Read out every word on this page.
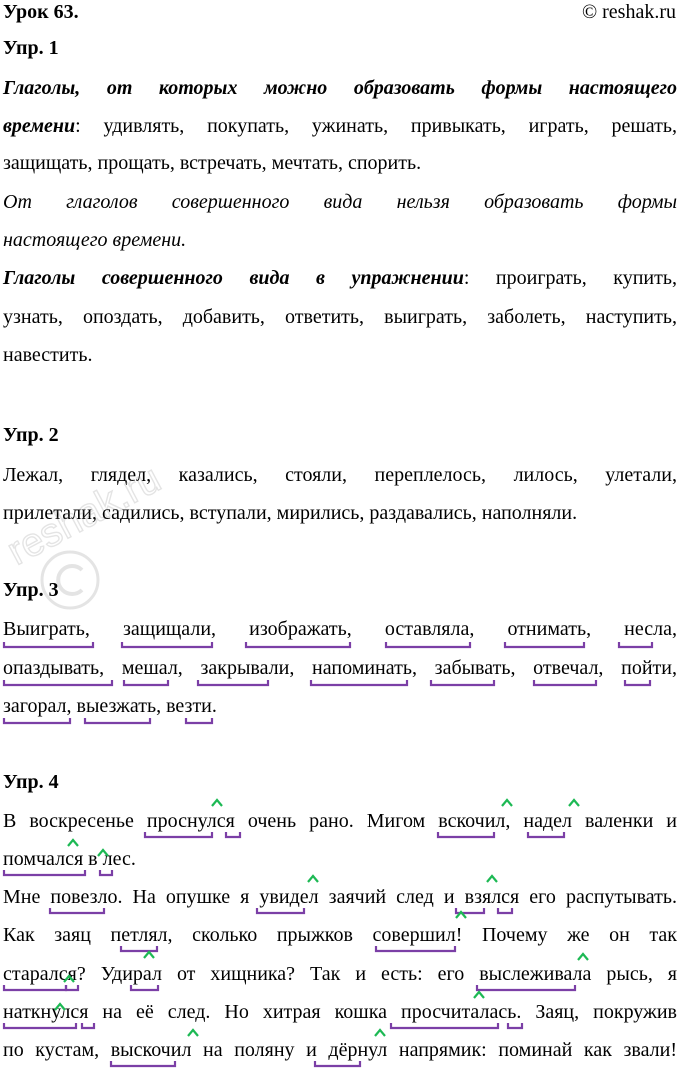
Урок 63.	© reshak.ru
Упр. 1
Глаголы, от которых можно образовать формы настоящего
времени: удивлять, покупать, ужинать, привыкать, играть, решать,
защищать, прощать, встречать, мечтать, спорить.
От глаголов совершенного вида нельзя образовать формы
настоящего времени.
Глаголы совершенного вида в упражнении: проиграть, купить,
узнать, опоздать, добавить, ответить, выиграть, заболеть, наступить,
навестить.
Упр. 2
Лежал, глядел, казались, стояли, переплелось, лилось, улетали,
прилетали, садились, вступали, мирились, раздавались, наполняли.
Упр. 3
Выиграть, защищали, изображать, оставляла, отнимать, несла,
опаздывать, мешал, закрывали, напоминать, забывать, отвечал, пойти,
загорал, выезжать, везти.
Упр. 4
В воскресенье проснулся очень рано. Мигом вскочил, надел валенки и
помчался в лес.
Мне повезло. На опушке я увидел заячий след и взялся его распутывать.
Как заяц петлял, сколько прыжков совершил! Почему же он так
старался? Удирал от хищника? Так и есть: его выслеживала рысь, я
наткнулся на её след. Но хитрая кошка просчиталась. Заяц, покружив
по кустам, выскочил на поляну и дёрнул напрямик: поминай как звали!
reshak.ru
